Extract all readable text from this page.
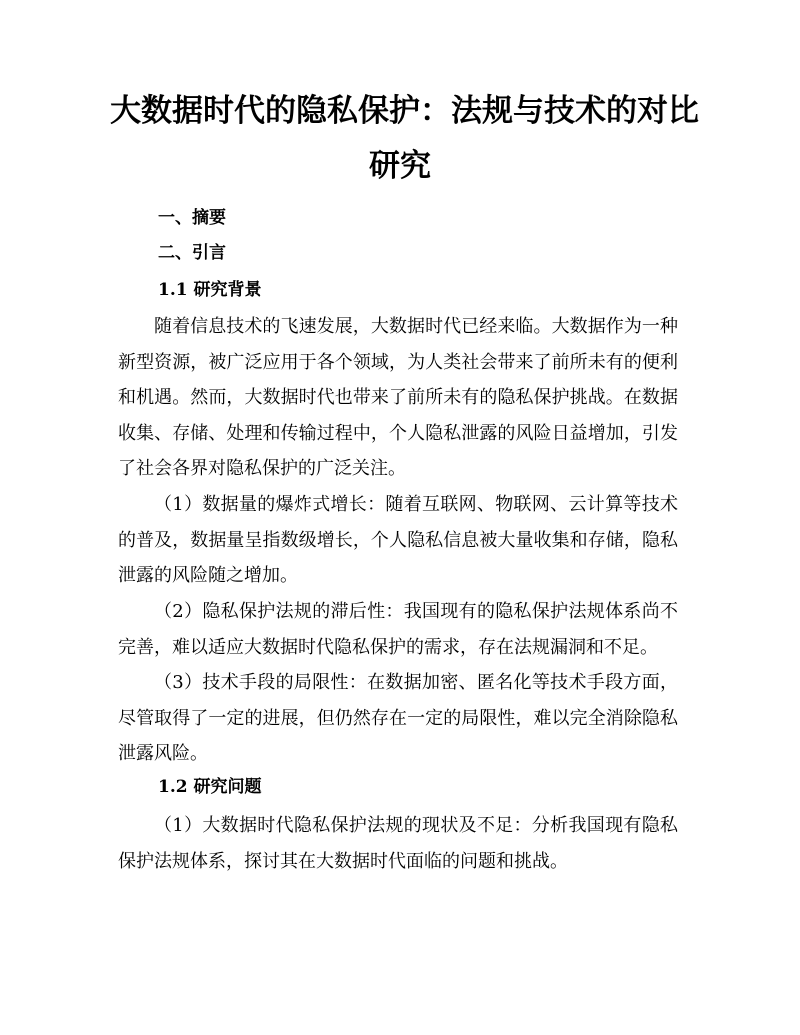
大数据时代的隐私保护：法规与技术的对比
研究
一、摘要
二、引言
1.1 研究背景

随着信息技术的飞速发展，大数据时代已经来临。大数据作为一种新型资源，被广泛应用于各个领域，为人类社会带来了前所未有的便利和机遇。然而，大数据时代也带来了前所未有的隐私保护挑战。在数据收集、存储、处理和传输过程中，个人隐私泄露的风险日益增加，引发了社会各界对隐私保护的广泛关注。

（1）数据量的爆炸式增长：随着互联网、物联网、云计算等技术的普及，数据量呈指数级增长，个人隐私信息被大量收集和存储，隐私泄露的风险随之增加。

（2）隐私保护法规的滞后性：我国现有的隐私保护法规体系尚不完善，难以适应大数据时代隐私保护的需求，存在法规漏洞和不足。

（3）技术手段的局限性：在数据加密、匿名化等技术手段方面，尽管取得了一定的进展，但仍然存在一定的局限性，难以完全消除隐私泄露风险。

1.2 研究问题

（1）大数据时代隐私保护法规的现状及不足：分析我国现有隐私保护法规体系，探讨其在大数据时代面临的问题和挑战。
